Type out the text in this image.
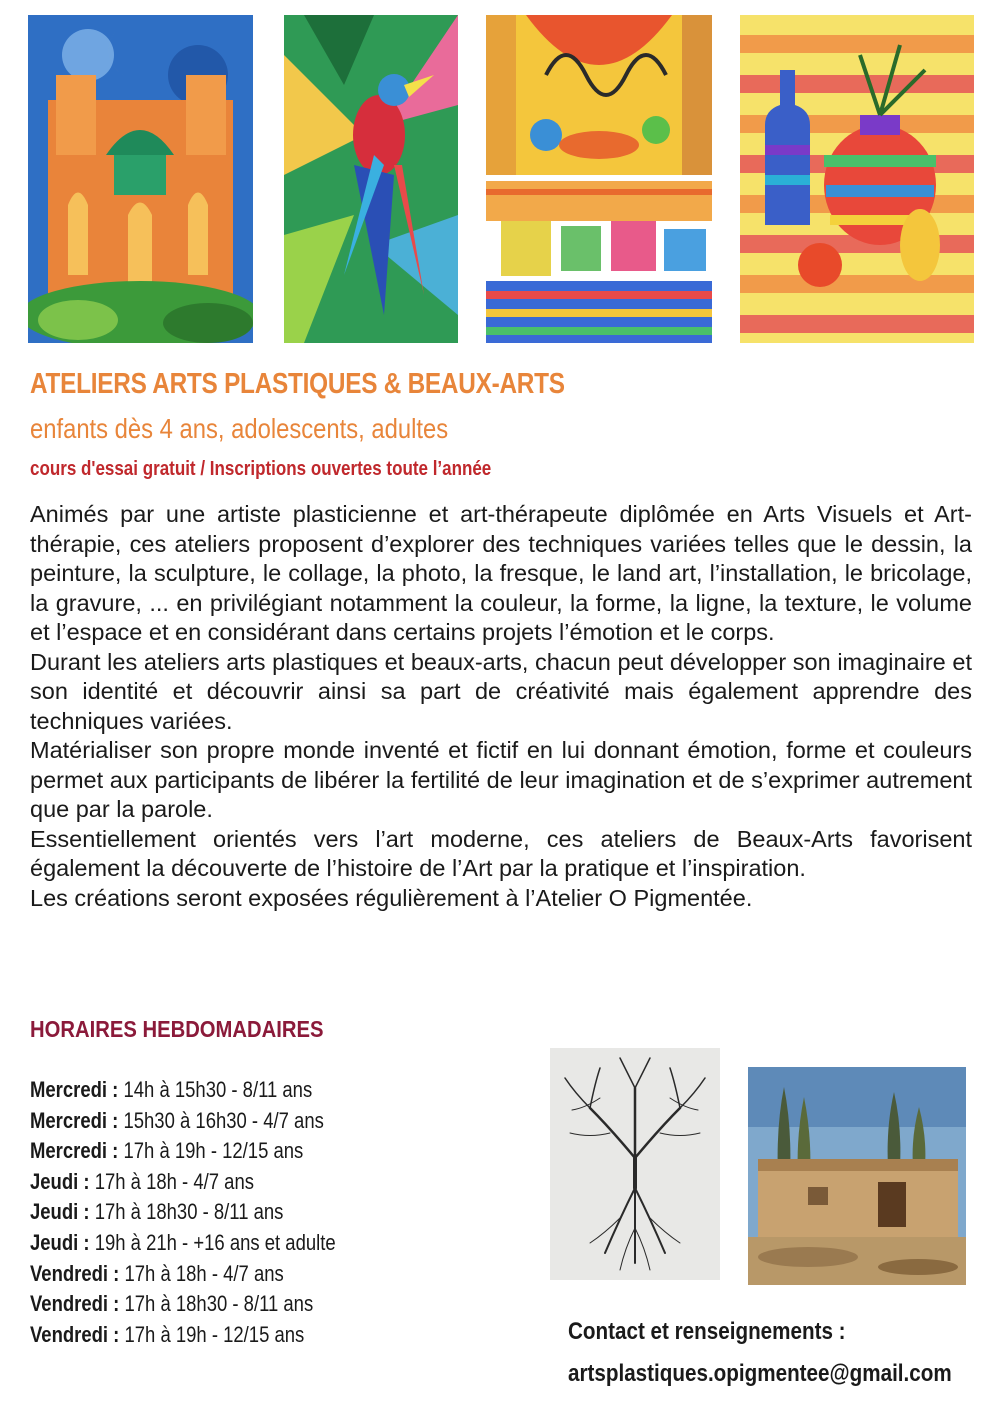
ATELIERS ARTS PLASTIQUES & BEAUX-ARTS
enfants dès 4 ans, adolescents, adultes
cours d'essai gratuit / Inscriptions ouvertes toute l’année

Animés par une artiste plasticienne et art-thérapeute diplômée en Arts Visuels et Art-thérapie, ces ateliers proposent d’explorer des techniques variées telles que le dessin, la peinture, la sculpture, le collage, la photo, la fresque, le land art, l’installation, le bricolage, la gravure, ... en privilégiant notamment la couleur, la forme, la ligne, la texture, le volume et l’espace et en considérant dans certains projets l’émotion et le corps.

Durant les ateliers arts plastiques et beaux-arts, chacun peut développer son imaginaire et son identité et découvrir ainsi sa part de créativité mais également apprendre des techniques variées.

Matérialiser son propre monde inventé et fictif en lui donnant émotion, forme et couleurs permet aux participants de libérer la fertilité de leur imagination et de s’exprimer autrement que par la parole.

Essentiellement orientés vers l’art moderne, ces ateliers de Beaux-Arts favorisent également la découverte de l’histoire de l’Art par la pratique et l’inspiration.

Les créations seront exposées régulièrement à l’Atelier O Pigmentée.

HORAIRES HEBDOMADAIRES
Mercredi : 14h à 15h30 - 8/11 ans
Mercredi : 15h30 à 16h30 - 4/7 ans
Mercredi : 17h à 19h - 12/15 ans
Jeudi : 17h à 18h - 4/7 ans
Jeudi : 17h à 18h30 - 8/11 ans
Jeudi : 19h à 21h - +16 ans et adulte
Vendredi : 17h à 18h - 4/7 ans
Vendredi : 17h à 18h30 - 8/11 ans
Vendredi : 17h à 19h - 12/15 ans	Contact et renseignements :
artsplastiques.opigmentee@gmail.com
